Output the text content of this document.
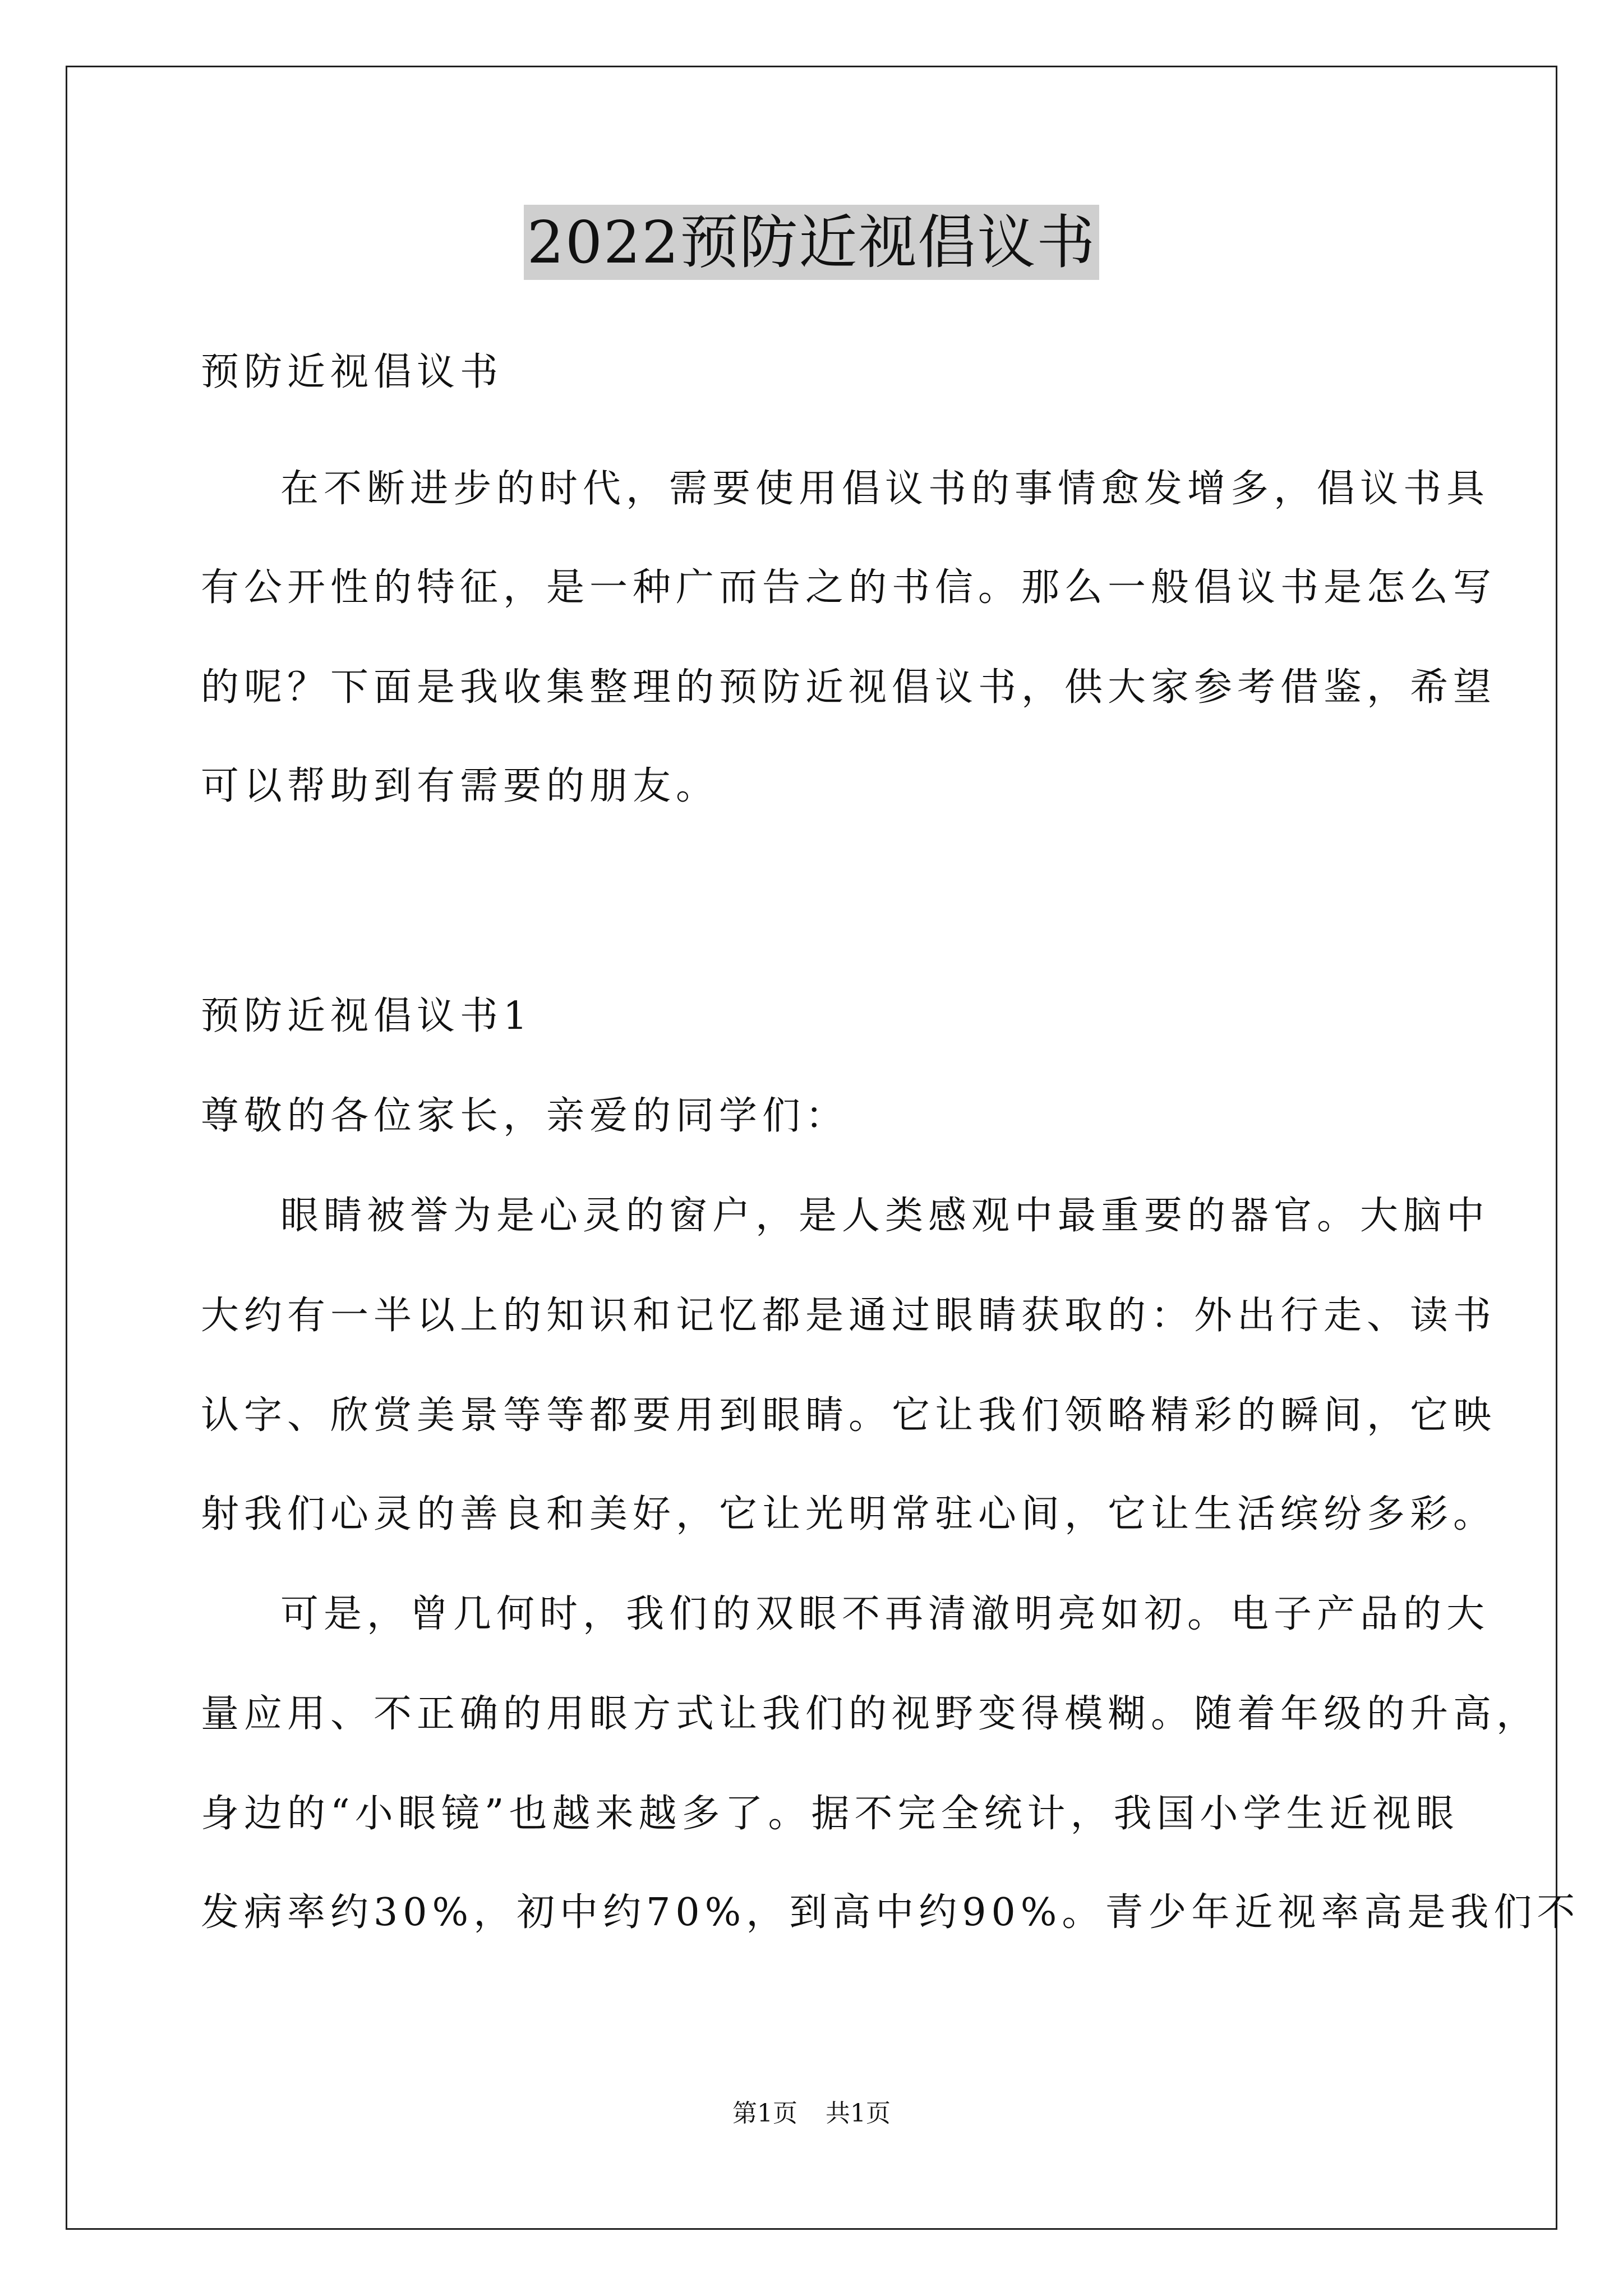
2022预防近视倡议书
预防近视倡议书
在不断进步的时代，需要使用倡议书的事情愈发增多，倡议书具
有公开性的特征，是一种广而告之的书信。那么一般倡议书是怎么写
的呢？下面是我收集整理的预防近视倡议书，供大家参考借鉴，希望
可以帮助到有需要的朋友。
预防近视倡议书1
尊敬的各位家长，亲爱的同学们：
眼睛被誉为是心灵的窗户，是人类感观中最重要的器官。大脑中
大约有一半以上的知识和记忆都是通过眼睛获取的：外出行走、读书
认字、欣赏美景等等都要用到眼睛。它让我们领略精彩的瞬间，它映
射我们心灵的善良和美好，它让光明常驻心间，它让生活缤纷多彩。
可是，曾几何时，我们的双眼不再清澈明亮如初。电子产品的大
量应用、不正确的用眼方式让我们的视野变得模糊。随着年级的升高，
身边的“小眼镜”也越来越多了。据不完全统计，我国小学生近视眼
发病率约30%，初中约70%，到高中约90%。青少年近视率高是我们不
第1页 共1页
